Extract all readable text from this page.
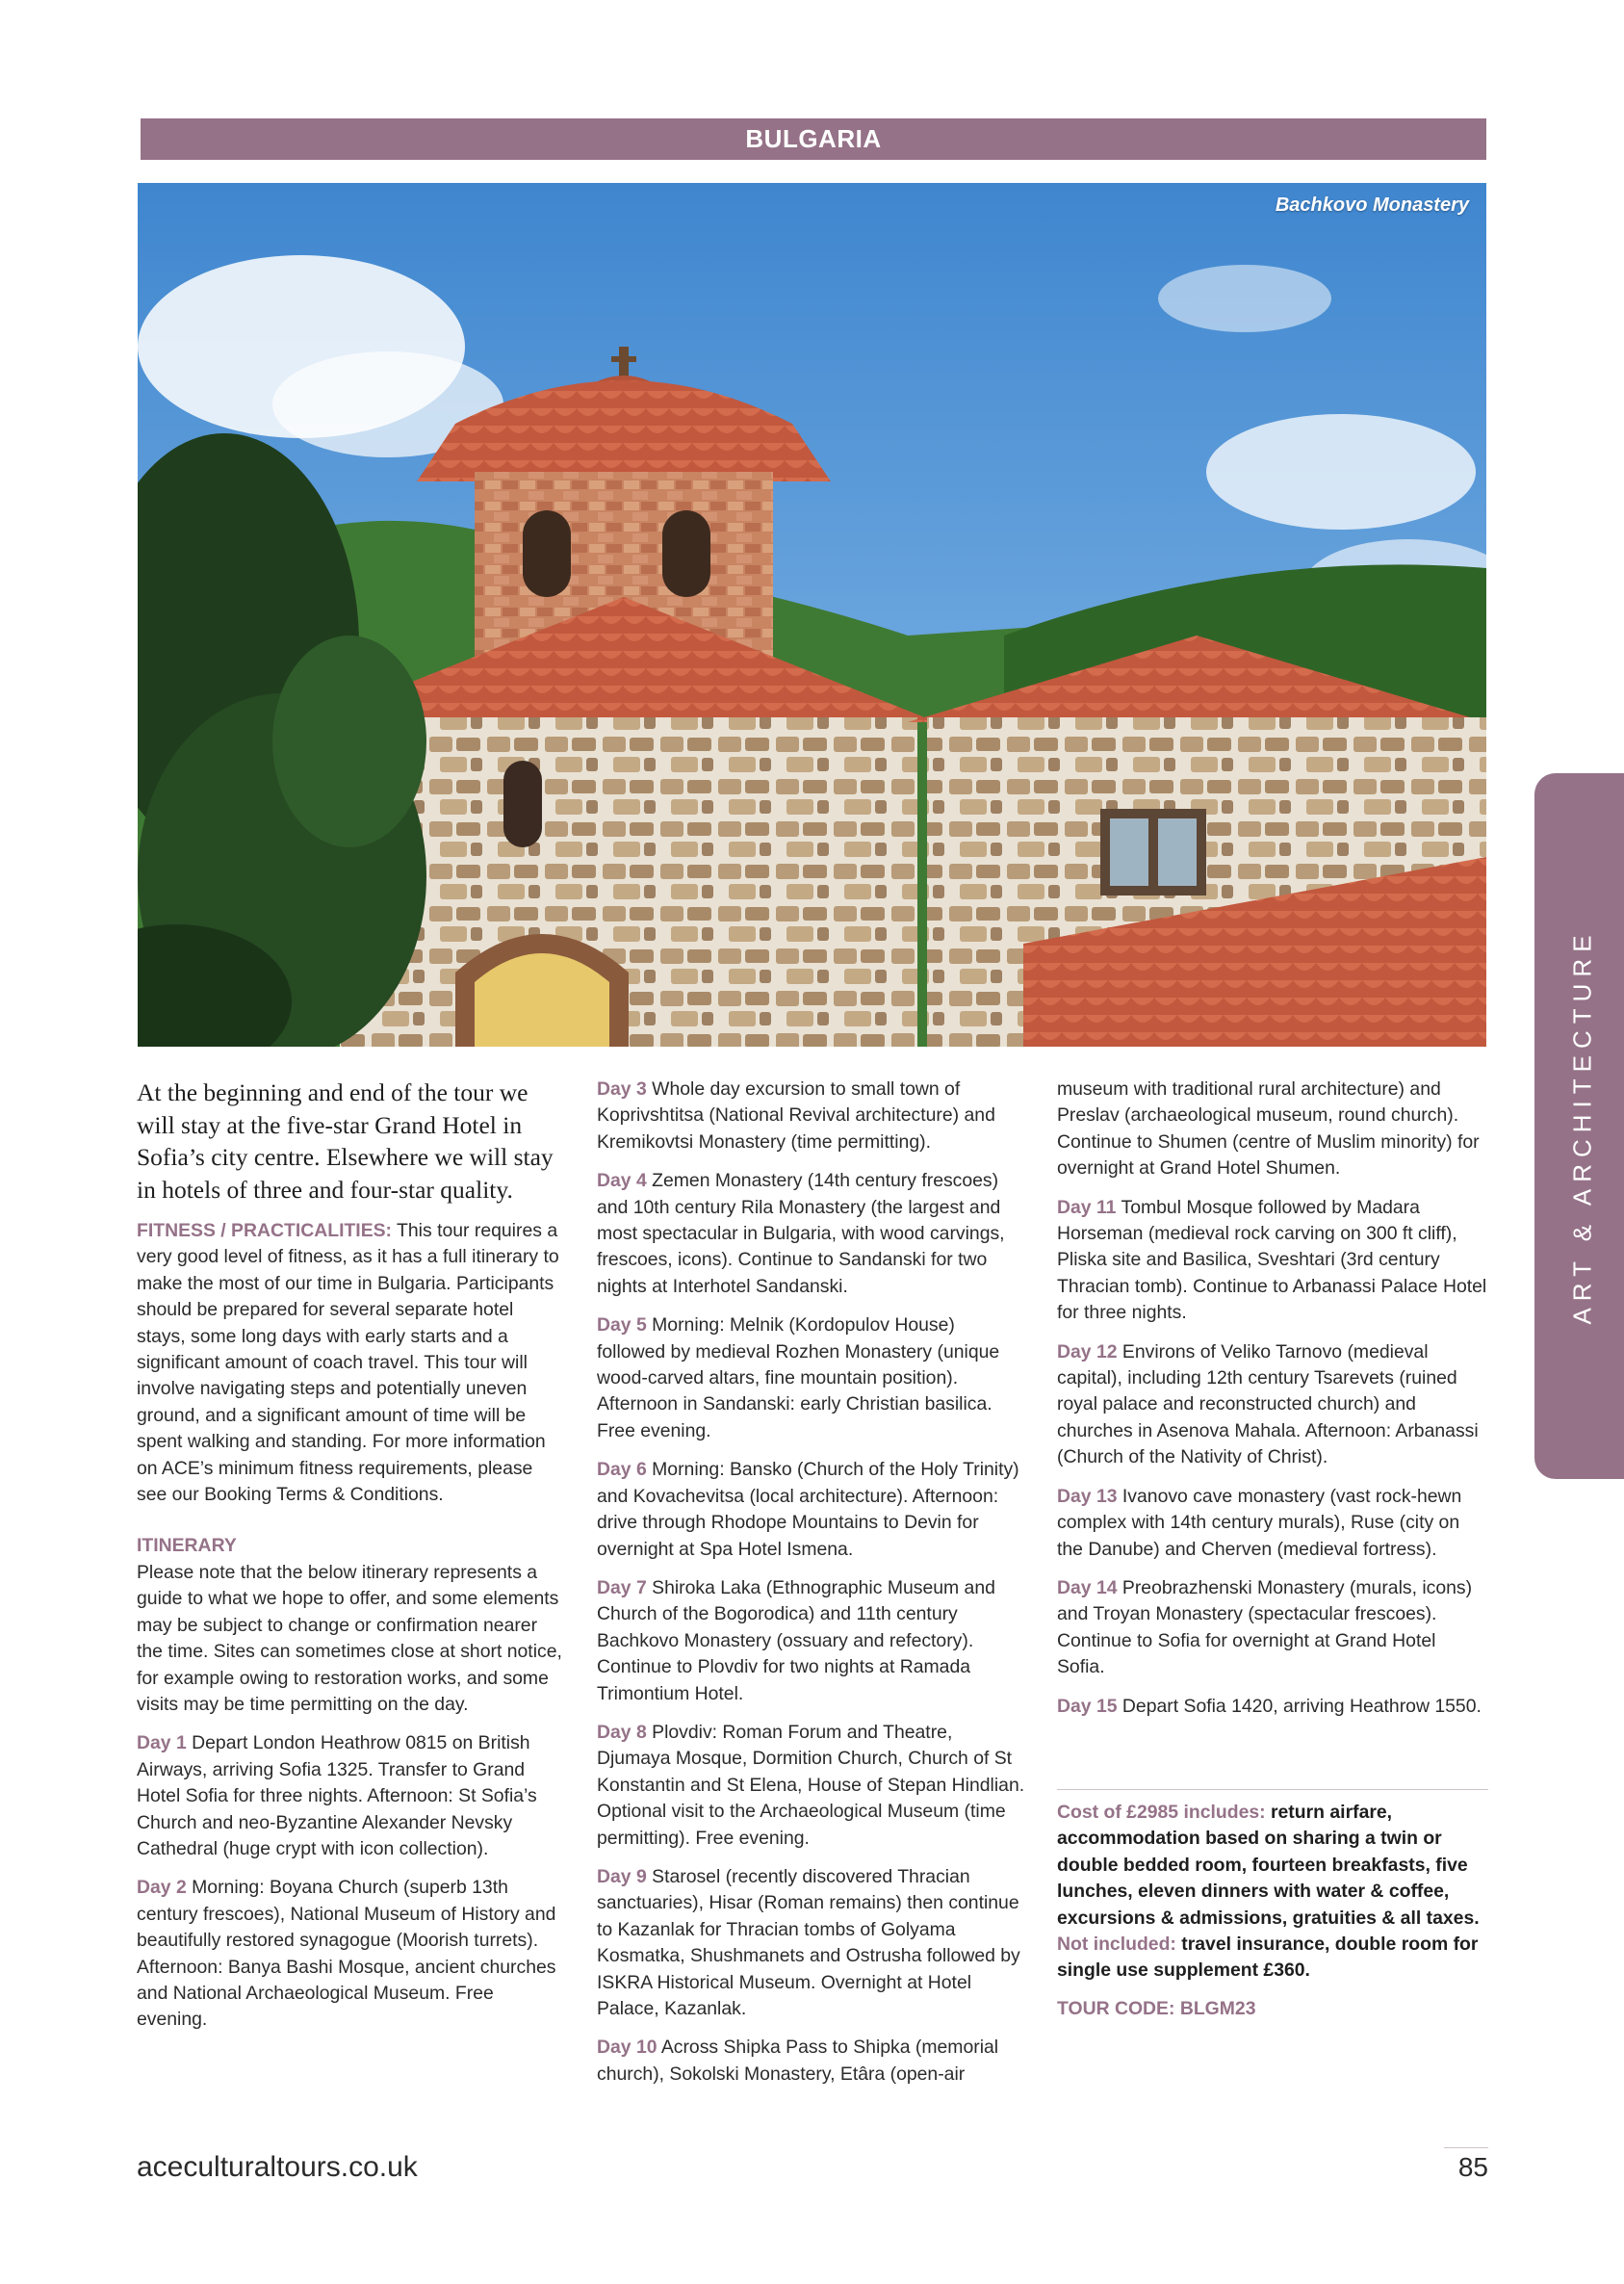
BULGARIA
Bachkovo Monastery
ART & ARCHITECTURE

At the beginning and end of the tour we will stay at the five-star Grand Hotel in Sofia’s city centre. Elsewhere we will stay in hotels of three and four-star quality.

FITNESS / PRACTICALITIES: This tour requires a very good level of fitness, as it has a full itinerary to make the most of our time in Bulgaria. Participants should be prepared for several separate hotel stays, some long days with early starts and a significant amount of coach travel. This tour will involve navigating steps and potentially uneven ground, and a significant amount of time will be spent walking and standing. For more information on ACE’s minimum fitness requirements, please see our Booking Terms & Conditions.

ITINERARY

Please note that the below itinerary represents a guide to what we hope to offer, and some elements may be subject to change or confirmation nearer the time. Sites can sometimes close at short notice, for example owing to restoration works, and some visits may be time permitting on the day.

Day 1 Depart London Heathrow 0815 on British Airways, arriving Sofia 1325. Transfer to Grand Hotel Sofia for three nights. Afternoon: St Sofia’s Church and neo-Byzantine Alexander Nevsky Cathedral (huge crypt with icon collection).

Day 2 Morning: Boyana Church (superb 13th century frescoes), National Museum of History and beautifully restored synagogue (Moorish turrets). Afternoon: Banya Bashi Mosque, ancient churches and National Archaeological Museum. Free evening.

Day 3 Whole day excursion to small town of Koprivshtitsa (National Revival architecture) and Kremikovtsi Monastery (time permitting).

Day 4 Zemen Monastery (14th century frescoes) and 10th century Rila Monastery (the largest and most spectacular in Bulgaria, with wood carvings, frescoes, icons). Continue to Sandanski for two nights at Interhotel Sandanski.

Day 5 Morning: Melnik (Kordopulov House) followed by medieval Rozhen Monastery (unique wood-carved altars, fine mountain position). Afternoon in Sandanski: early Christian basilica. Free evening.

Day 6 Morning: Bansko (Church of the Holy Trinity) and Kovachevitsa (local architecture). Afternoon: drive through Rhodope Mountains to Devin for overnight at Spa Hotel Ismena.

Day 7 Shiroka Laka (Ethnographic Museum and Church of the Bogorodica) and 11th century Bachkovo Monastery (ossuary and refectory). Continue to Plovdiv for two nights at Ramada Trimontium Hotel.

Day 8 Plovdiv: Roman Forum and Theatre, Djumaya Mosque, Dormition Church, Church of St Konstantin and St Elena, House of Stepan Hindlian. Optional visit to the Archaeological Museum (time permitting). Free evening.

Day 9 Starosel (recently discovered Thracian sanctuaries), Hisar (Roman remains) then continue to Kazanlak for Thracian tombs of Golyama Kosmatka, Shushmanets and Ostrusha followed by ISKRA Historical Museum. Overnight at Hotel Palace, Kazanlak.

Day 10 Across Shipka Pass to Shipka (memorial church), Sokolski Monastery, Etâra (open-air

museum with traditional rural architecture) and Preslav (archaeological museum, round church). Continue to Shumen (centre of Muslim minority) for overnight at Grand Hotel Shumen.

Day 11 Tombul Mosque followed by Madara Horseman (medieval rock carving on 300 ft cliff), Pliska site and Basilica, Sveshtari (3rd century Thracian tomb). Continue to Arbanassi Palace Hotel for three nights.

Day 12 Environs of Veliko Tarnovo (medieval capital), including 12th century Tsarevets (ruined royal palace and reconstructed church) and churches in Asenova Mahala. Afternoon: Arbanassi (Church of the Nativity of Christ).

Day 13 Ivanovo cave monastery (vast rock-hewn complex with 14th century murals), Ruse (city on the Danube) and Cherven (medieval fortress).

Day 14 Preobrazhenski Monastery (murals, icons) and Troyan Monastery (spectacular frescoes). Continue to Sofia for overnight at Grand Hotel Sofia.

Day 15 Depart Sofia 1420, arriving Heathrow 1550.

Cost of £2985 includes: return airfare, accommodation based on sharing a twin or double bedded room, fourteen breakfasts, five lunches, eleven dinners with water & coffee, excursions & admissions, gratuities & all taxes. Not included: travel insurance, double room for single use supplement £360.
TOUR CODE: BLGM23
aceculturaltours.co.uk	85
